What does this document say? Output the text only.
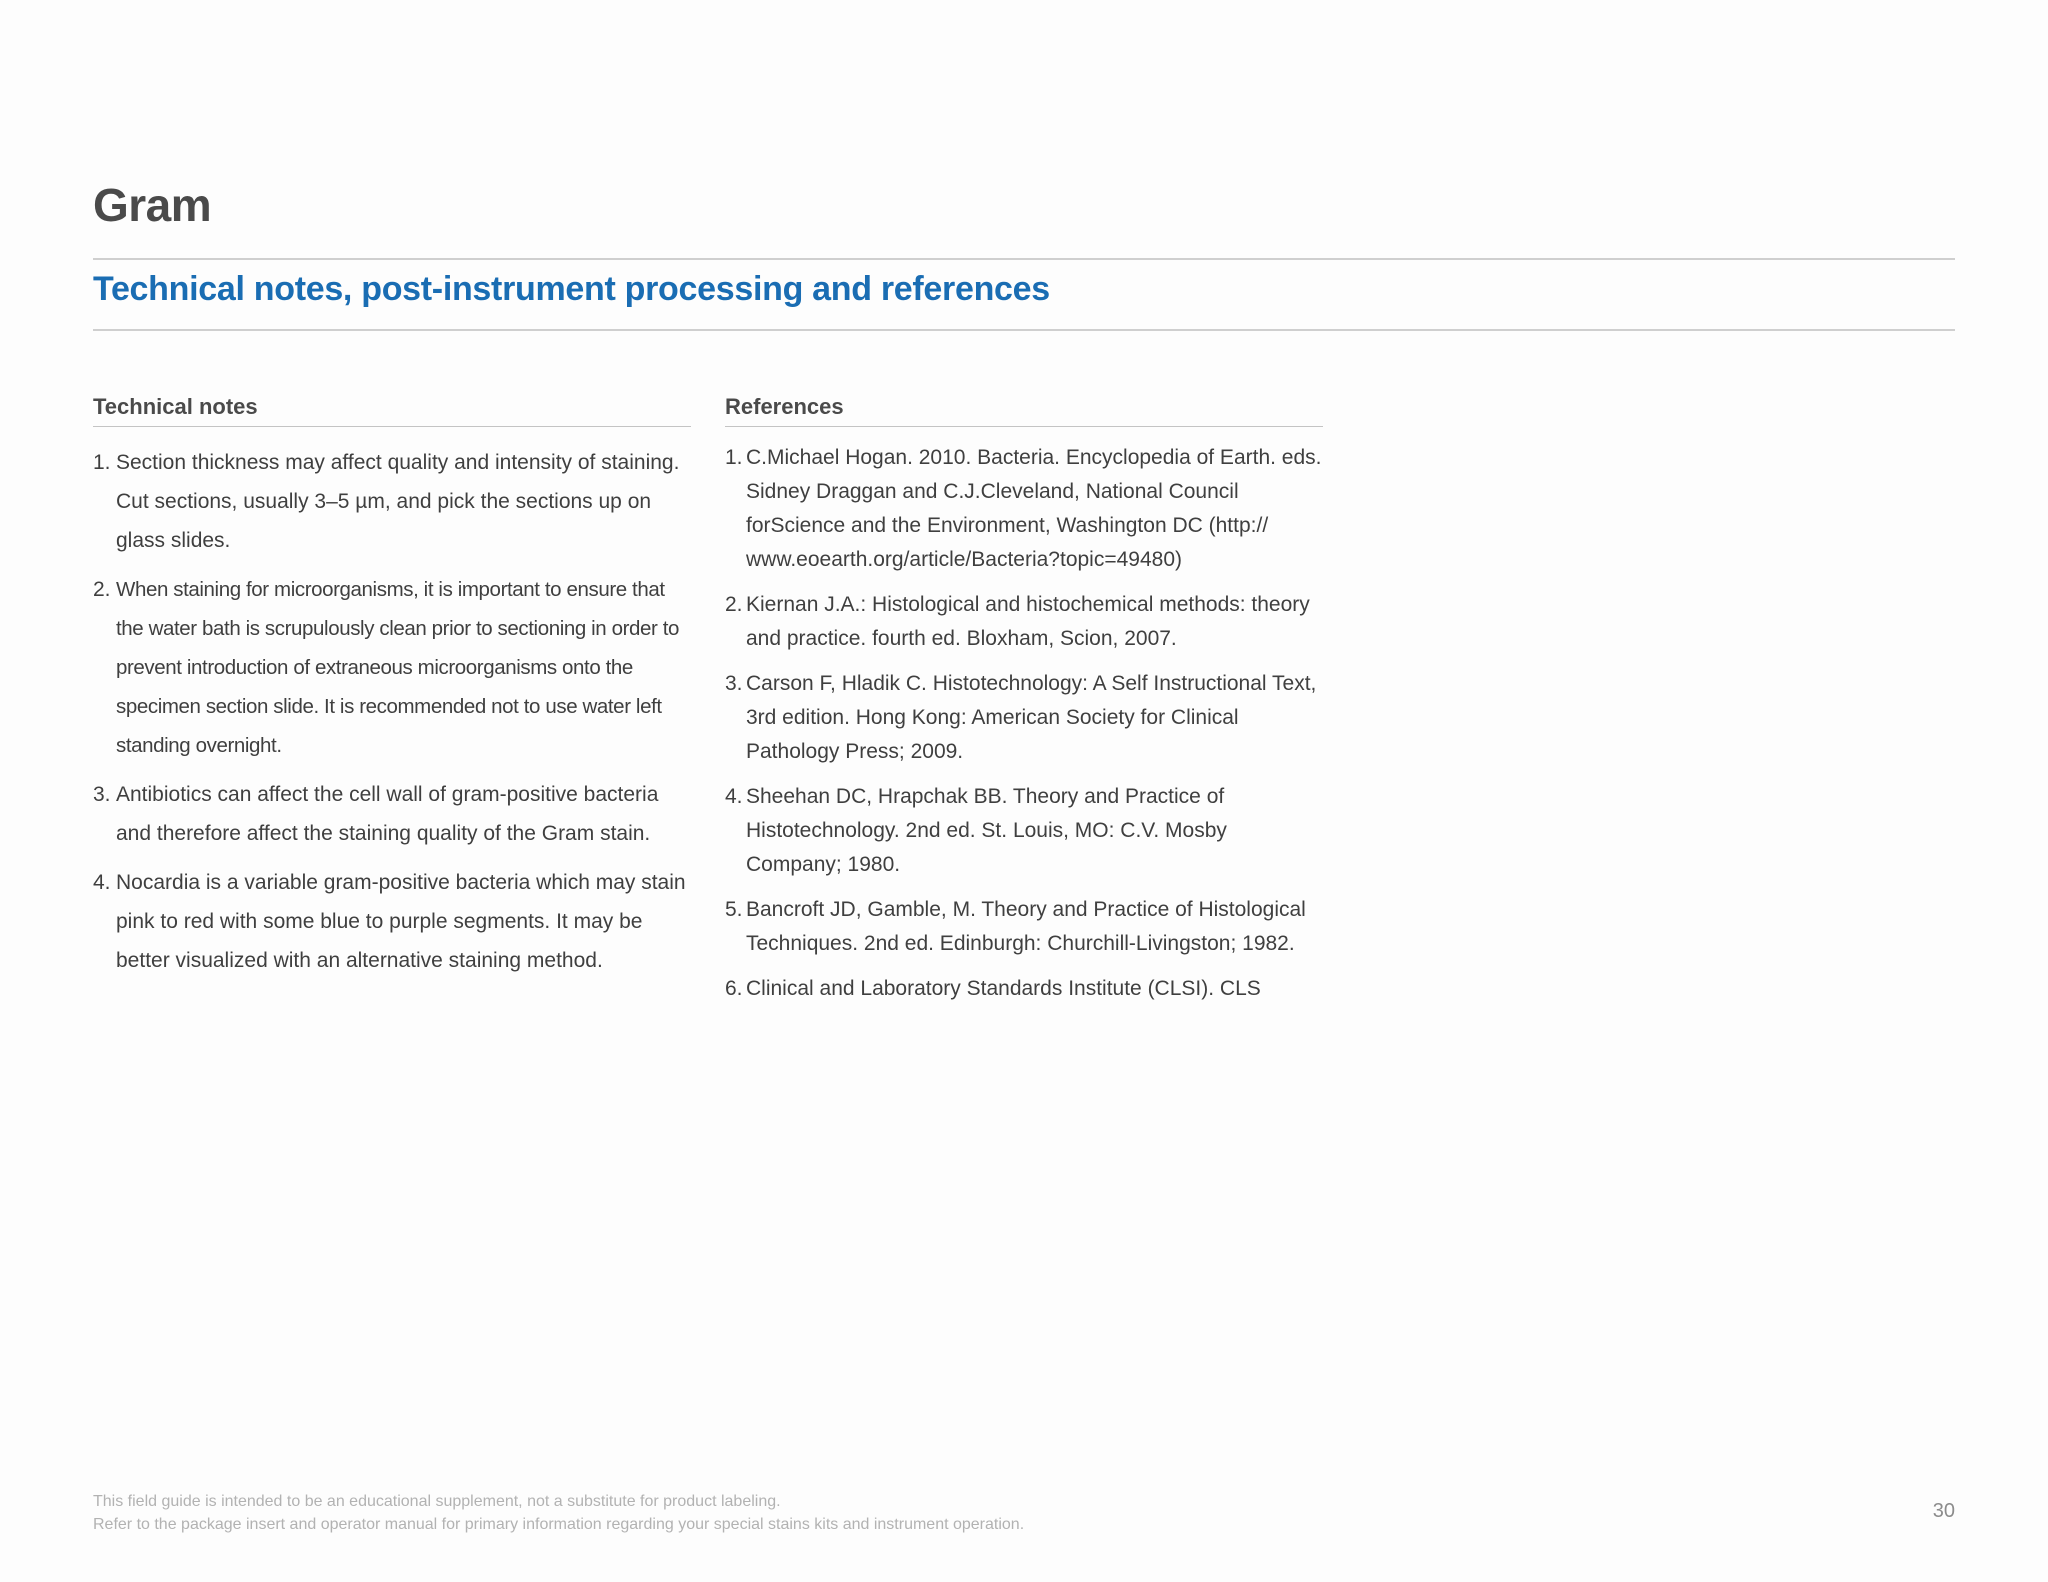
Gram
Technical notes, post-instrument processing and references
Technical notes
1. Section thickness may affect quality and intensity of staining. Cut sections, usually 3–5 µm, and pick the sections up on glass slides.
2. When staining for microorganisms, it is important to ensure that the water bath is scrupulously clean prior to sectioning in order to prevent introduction of extraneous microorganisms onto the specimen section slide. It is recommended not to use water left standing overnight.
3. Antibiotics can affect the cell wall of gram-positive bacteria and therefore affect the staining quality of the Gram stain.
4. Nocardia is a variable gram-positive bacteria which may stain pink to red with some blue to purple segments. It may be better visualized with an alternative staining method.
References
1. C.Michael Hogan. 2010. Bacteria. Encyclopedia of Earth. eds. Sidney Draggan and C.J.Cleveland, National Council forScience and the Environment, Washington DC (http:// www.eoearth.org/article/Bacteria?topic=49480)
2. Kiernan J.A.: Histological and histochemical methods: theory and practice. fourth ed. Bloxham, Scion, 2007.
3. Carson F, Hladik C. Histotechnology: A Self Instructional Text, 3rd edition. Hong Kong: American Society for Clinical Pathology Press; 2009.
4. Sheehan DC, Hrapchak BB. Theory and Practice of Histotechnology. 2nd ed. St. Louis, MO: C.V. Mosby Company; 1980.
5. Bancroft JD, Gamble, M. Theory and Practice of Histological Techniques. 2nd ed. Edinburgh: Churchill-Livingston; 1982.
6. Clinical and Laboratory Standards Institute (CLSI). CLS
This field guide is intended to be an educational supplement, not a substitute for product labeling.
Refer to the package insert and operator manual for primary information regarding your special stains kits and instrument operation.
30
